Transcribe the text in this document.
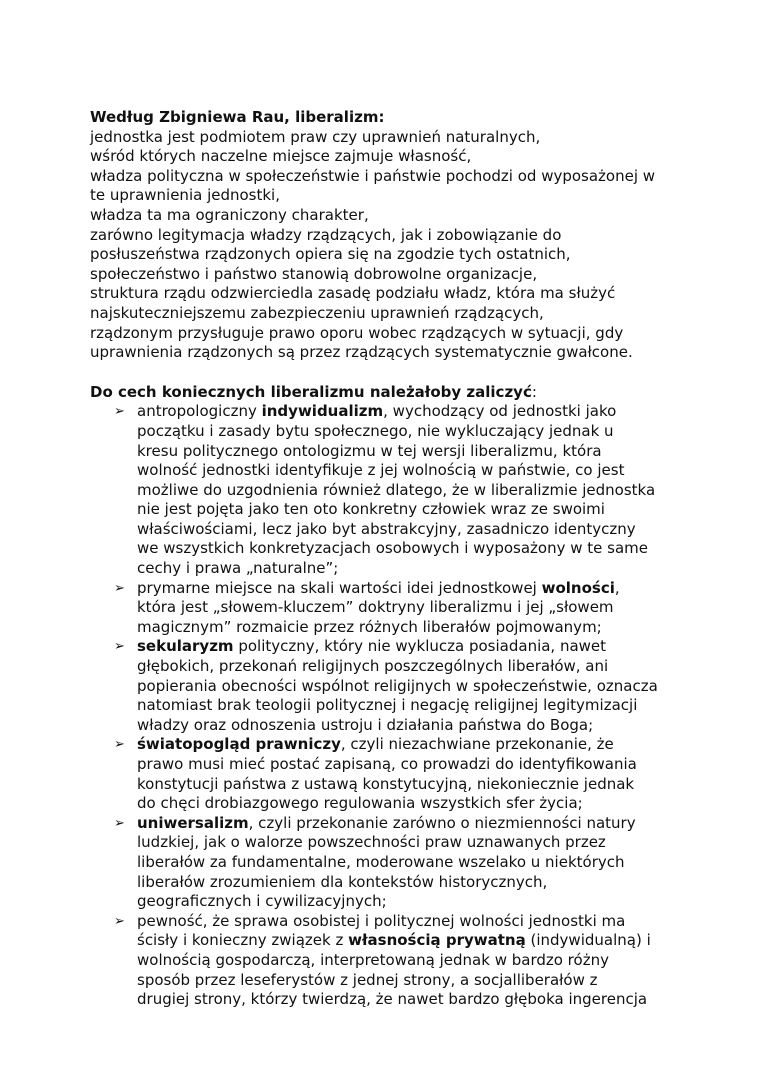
Według Zbigniewa Rau, liberalizm:
jednostka jest podmiotem praw czy uprawnień naturalnych,
wśród których naczelne miejsce zajmuje własność,
władza polityczna w społeczeństwie i państwie pochodzi od wyposażonej w
te uprawnienia jednostki,
władza ta ma ograniczony charakter,
zarówno legitymacja władzy rządzących, jak i zobowiązanie do
posłuszeństwa rządzonych opiera się na zgodzie tych ostatnich,
społeczeństwo i państwo stanowią dobrowolne organizacje,
struktura rządu odzwierciedla zasadę podziału władz, która ma służyć
najskuteczniejszemu zabezpieczeniu uprawnień rządzących,
rządzonym przysługuje prawo oporu wobec rządzących w sytuacji, gdy
uprawnienia rządzonych są przez rządzących systematycznie gwałcone.
Do cech koniecznych liberalizmu należałoby zaliczyć:
➢ antropologiczny indywidualizm, wychodzący od jednostki jako
początku i zasady bytu społecznego, nie wykluczający jednak u
kresu politycznego ontologizmu w tej wersji liberalizmu, która
wolność jednostki identyfikuje z jej wolnością w państwie, co jest
możliwe do uzgodnienia również dlatego, że w liberalizmie jednostka
nie jest pojęta jako ten oto konkretny człowiek wraz ze swoimi
właściwościami, lecz jako byt abstrakcyjny, zasadniczo identyczny
we wszystkich konkretyzacjach osobowych i wyposażony w te same
cechy i prawa „naturalne”;
➢ prymarne miejsce na skali wartości idei jednostkowej wolności,
która jest „słowem-kluczem” doktryny liberalizmu i jej „słowem
magicznym” rozmaicie przez różnych liberałów pojmowanym;
➢ sekularyzm polityczny, który nie wyklucza posiadania, nawet
głębokich, przekonań religijnych poszczególnych liberałów, ani
popierania obecności wspólnot religijnych w społeczeństwie, oznacza
natomiast brak teologii politycznej i negację religijnej legitymizacji
władzy oraz odnoszenia ustroju i działania państwa do Boga;
➢ światopogląd prawniczy, czyli niezachwiane przekonanie, że
prawo musi mieć postać zapisaną, co prowadzi do identyfikowania
konstytucji państwa z ustawą konstytucyjną, niekoniecznie jednak
do chęci drobiazgowego regulowania wszystkich sfer życia;
➢ uniwersalizm, czyli przekonanie zarówno o niezmienności natury
ludzkiej, jak o walorze powszechności praw uznawanych przez
liberałów za fundamentalne, moderowane wszelako u niektórych
liberałów zrozumieniem dla kontekstów historycznych,
geograficznych i cywilizacyjnych;
➢ pewność, że sprawa osobistej i politycznej wolności jednostki ma
ścisły i konieczny związek z własnością prywatną (indywidualną) i
wolnością gospodarczą, interpretowaną jednak w bardzo różny
sposób przez leseferystów z jednej strony, a socjalliberałów z
drugiej strony, którzy twierdzą, że nawet bardzo głęboka ingerencja
